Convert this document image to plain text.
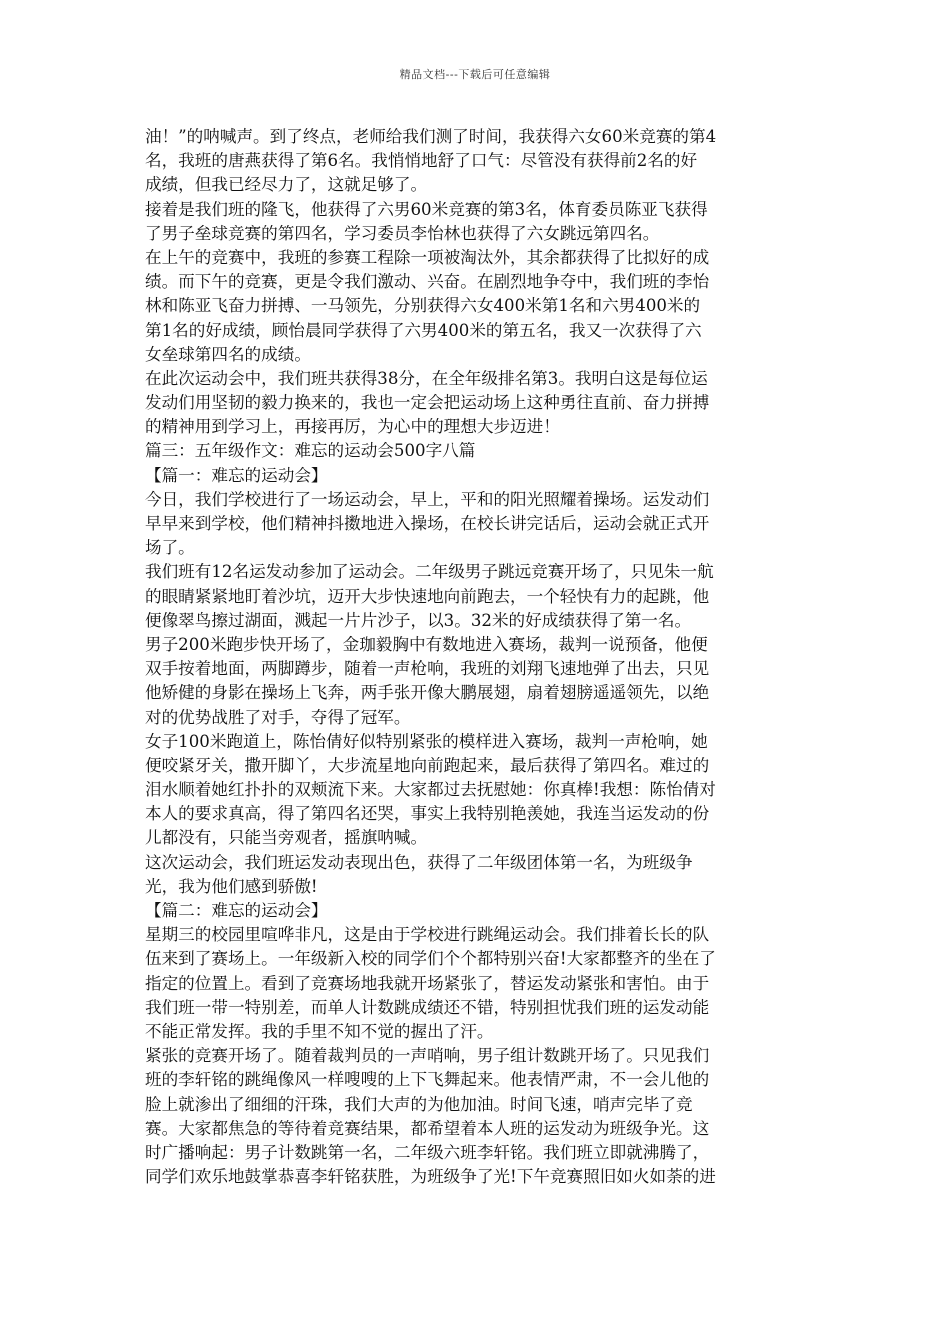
精品文档---下载后可任意编辑
油！”的呐喊声。到了终点，老师给我们测了时间，我获得六女60米竞赛的第4
名，我班的唐燕获得了第6名。我悄悄地舒了口气：尽管没有获得前2名的好
成绩，但我已经尽力了，这就足够了。
接着是我们班的隆飞，他获得了六男60米竞赛的第3名，体育委员陈亚飞获得
了男子垒球竞赛的第四名，学习委员李怡林也获得了六女跳远第四名。
在上午的竞赛中，我班的参赛工程除一项被淘汰外，其余都获得了比拟好的成
绩。而下午的竞赛，更是令我们激动、兴奋。在剧烈地争夺中，我们班的李怡
林和陈亚飞奋力拼搏、一马领先，分别获得六女400米第1名和六男400米的
第1名的好成绩，顾怡晨同学获得了六男400米的第五名，我又一次获得了六
女垒球第四名的成绩。
在此次运动会中，我们班共获得38分，在全年级排名第3。我明白这是每位运
发动们用坚韧的毅力换来的，我也一定会把运动场上这种勇往直前、奋力拼搏
的精神用到学习上，再接再厉，为心中的理想大步迈进！
篇三：五年级作文：难忘的运动会500字八篇
【篇一：难忘的运动会】
今日，我们学校进行了一场运动会，早上，平和的阳光照耀着操场。运发动们
早早来到学校，他们精神抖擞地进入操场，在校长讲完话后，运动会就正式开
场了。
我们班有12名运发动参加了运动会。二年级男子跳远竞赛开场了，只见朱一航
的眼睛紧紧地盯着沙坑，迈开大步快速地向前跑去，一个轻快有力的起跳，他
便像翠鸟擦过湖面，溅起一片片沙子，以3。32米的好成绩获得了第一名。
男子200米跑步快开场了，金珈毅胸中有数地进入赛场，裁判一说预备，他便
双手按着地面，两脚蹲步，随着一声枪响，我班的刘翔飞速地弹了出去，只见
他矫健的身影在操场上飞奔，两手张开像大鹏展翅，扇着翅膀遥遥领先，以绝
对的优势战胜了对手，夺得了冠军。
女子100米跑道上，陈怡倩好似特别紧张的模样进入赛场，裁判一声枪响，她
便咬紧牙关，撒开脚丫，大步流星地向前跑起来，最后获得了第四名。难过的
泪水顺着她红扑扑的双颊流下来。大家都过去抚慰她：你真棒!我想：陈怡倩对
本人的要求真高，得了第四名还哭，事实上我特别艳羡她，我连当运发动的份
儿都没有，只能当旁观者，摇旗呐喊。
这次运动会，我们班运发动表现出色，获得了二年级团体第一名，为班级争
光，我为他们感到骄傲!
【篇二：难忘的运动会】
星期三的校园里喧哗非凡，这是由于学校进行跳绳运动会。我们排着长长的队
伍来到了赛场上。一年级新入校的同学们个个都特别兴奋!大家都整齐的坐在了
指定的位置上。看到了竞赛场地我就开场紧张了，替运发动紧张和害怕。由于
我们班一带一特别差，而单人计数跳成绩还不错，特别担忧我们班的运发动能
不能正常发挥。我的手里不知不觉的握出了汗。
紧张的竞赛开场了。随着裁判员的一声哨响，男子组计数跳开场了。只见我们
班的李轩铭的跳绳像风一样嗖嗖的上下飞舞起来。他表情严肃，不一会儿他的
脸上就渗出了细细的汗珠，我们大声的为他加油。时间飞速，哨声完毕了竞
赛。大家都焦急的等待着竞赛结果，都希望着本人班的运发动为班级争光。这
时广播响起：男子计数跳第一名，二年级六班李轩铭。我们班立即就沸腾了，
同学们欢乐地鼓掌恭喜李轩铭获胜，为班级争了光!下午竞赛照旧如火如荼的进
